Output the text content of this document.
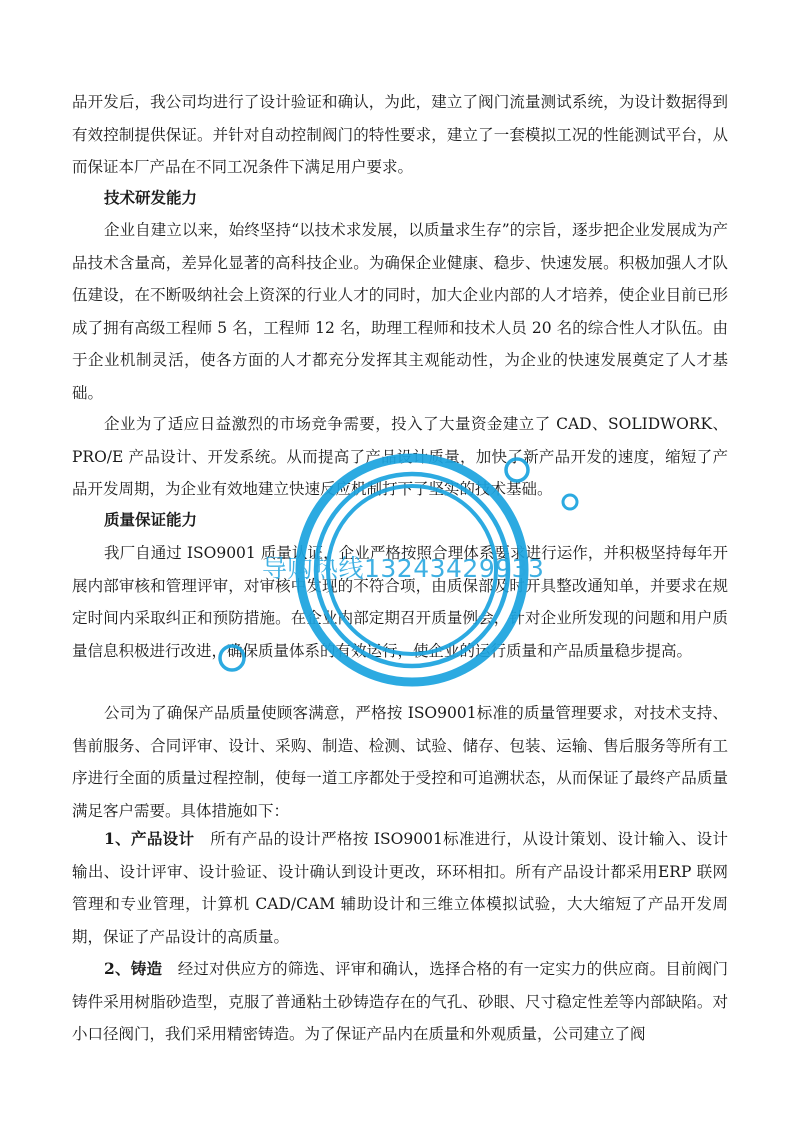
品开发后，我公司均进行了设计验证和确认，为此，建立了阀门流量测试系统，为设计数据得到有效控制提供保证。并针对自动控制阀门的特性要求，建立了一套模拟工况的性能测试平台，从而保证本厂产品在不同工况条件下满足用户要求。

技术研发能力

企业自建立以来，始终坚持“以技术求发展，以质量求生存”的宗旨，逐步把企业发展成为产品技术含量高，差异化显著的高科技企业。为确保企业健康、稳步、快速发展。积极加强人才队伍建设，在不断吸纳社会上资深的行业人才的同时，加大企业内部的人才培养，使企业目前已形成了拥有高级工程师 5 名，工程师 12 名，助理工程师和技术人员 20 名的综合性人才队伍。由于企业机制灵活，使各方面的人才都充分发挥其主观能动性，为企业的快速发展奠定了人才基础。

企业为了适应日益激烈的市场竞争需要，投入了大量资金建立了 CAD、SOLIDWORK、PRO/E 产品设计、开发系统。从而提高了产品设计质量，加快了新产品开发的速度，缩短了产品开发周期，为企业有效地建立快速反应机制打下了坚实的技术基础。

质量保证能力

我厂自通过 ISO9001 质量认证，企业严格按照合理体系要求进行运作，并积极坚持每年开展内部审核和管理评审，对审核中发现的不符合项，由质保部及时开具整改通知单，并要求在规定时间内采取纠正和预防措施。在企业内部定期召开质量例会，针对企业所发现的问题和用户质量信息积极进行改进，确保质量体系的有效运行，使企业的运行质量和产品质量稳步提高。

公司为了确保产品质量使顾客满意，严格按 ISO9001标准的质量管理要求，对技术支持、售前服务、合同评审、设计、采购、制造、检测、试验、储存、包装、运输、售后服务等所有工序进行全面的质量过程控制，使每一道工序都处于受控和可追溯状态，从而保证了最终产品质量满足客户需要。具体措施如下：

1、产品设计 所有产品的设计严格按 ISO9001标准进行，从设计策划、设计输入、设计输出、设计评审、设计验证、设计确认到设计更改，环环相扣。所有产品设计都采用ERP 联网管理和专业管理，计算机 CAD/CAM 辅助设计和三维立体模拟试验，大大缩短了产品开发周期，保证了产品设计的高质量。

2、铸造 经过对供应方的筛选、评审和确认，选择合格的有一定实力的供应商。目前阀门铸件采用树脂砂造型，克服了普通粘土砂铸造存在的气孔、砂眼、尺寸稳定性差等内部缺陷。对小口径阀门，我们采用精密铸造。为了保证产品内在质量和外观质量，公司建立了阀

导购热线13243429933
